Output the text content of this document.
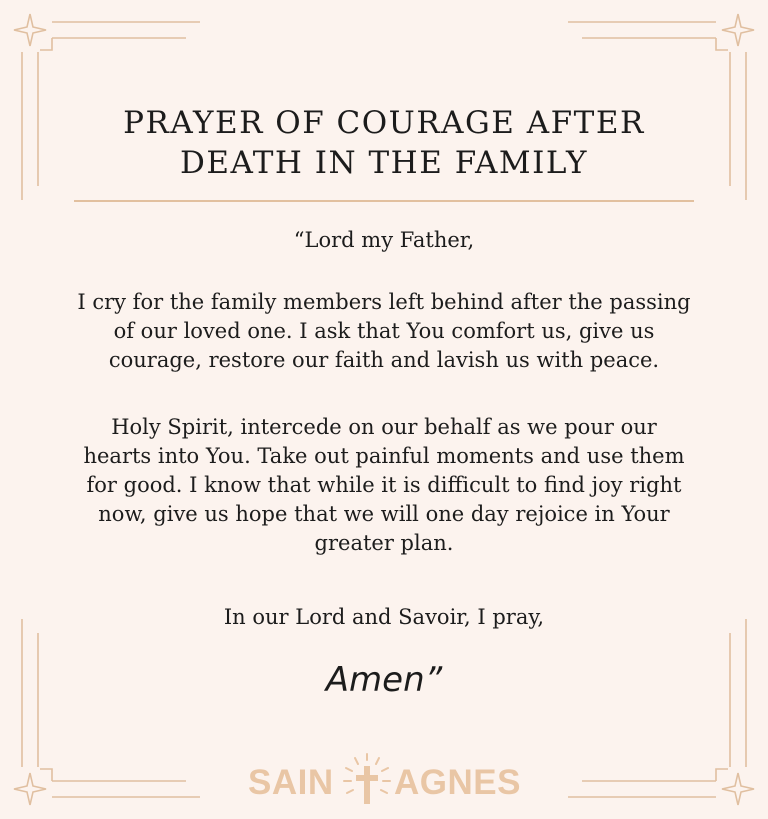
PRAYER OF COURAGE AFTER
DEATH IN THE FAMILY
“Lord my Father,
I cry for the family members left behind after the passing
of our loved one. I ask that You comfort us, give us
courage, restore our faith and lavish us with peace.
Holy Spirit, intercede on our behalf as we pour our
hearts into You. Take out painful moments and use them
for good. I know that while it is difficult to find joy right
now, give us hope that we will one day rejoice in Your
greater plan.
In our Lord and Savoir, I pray,
Amen”
SAIN AGNES
